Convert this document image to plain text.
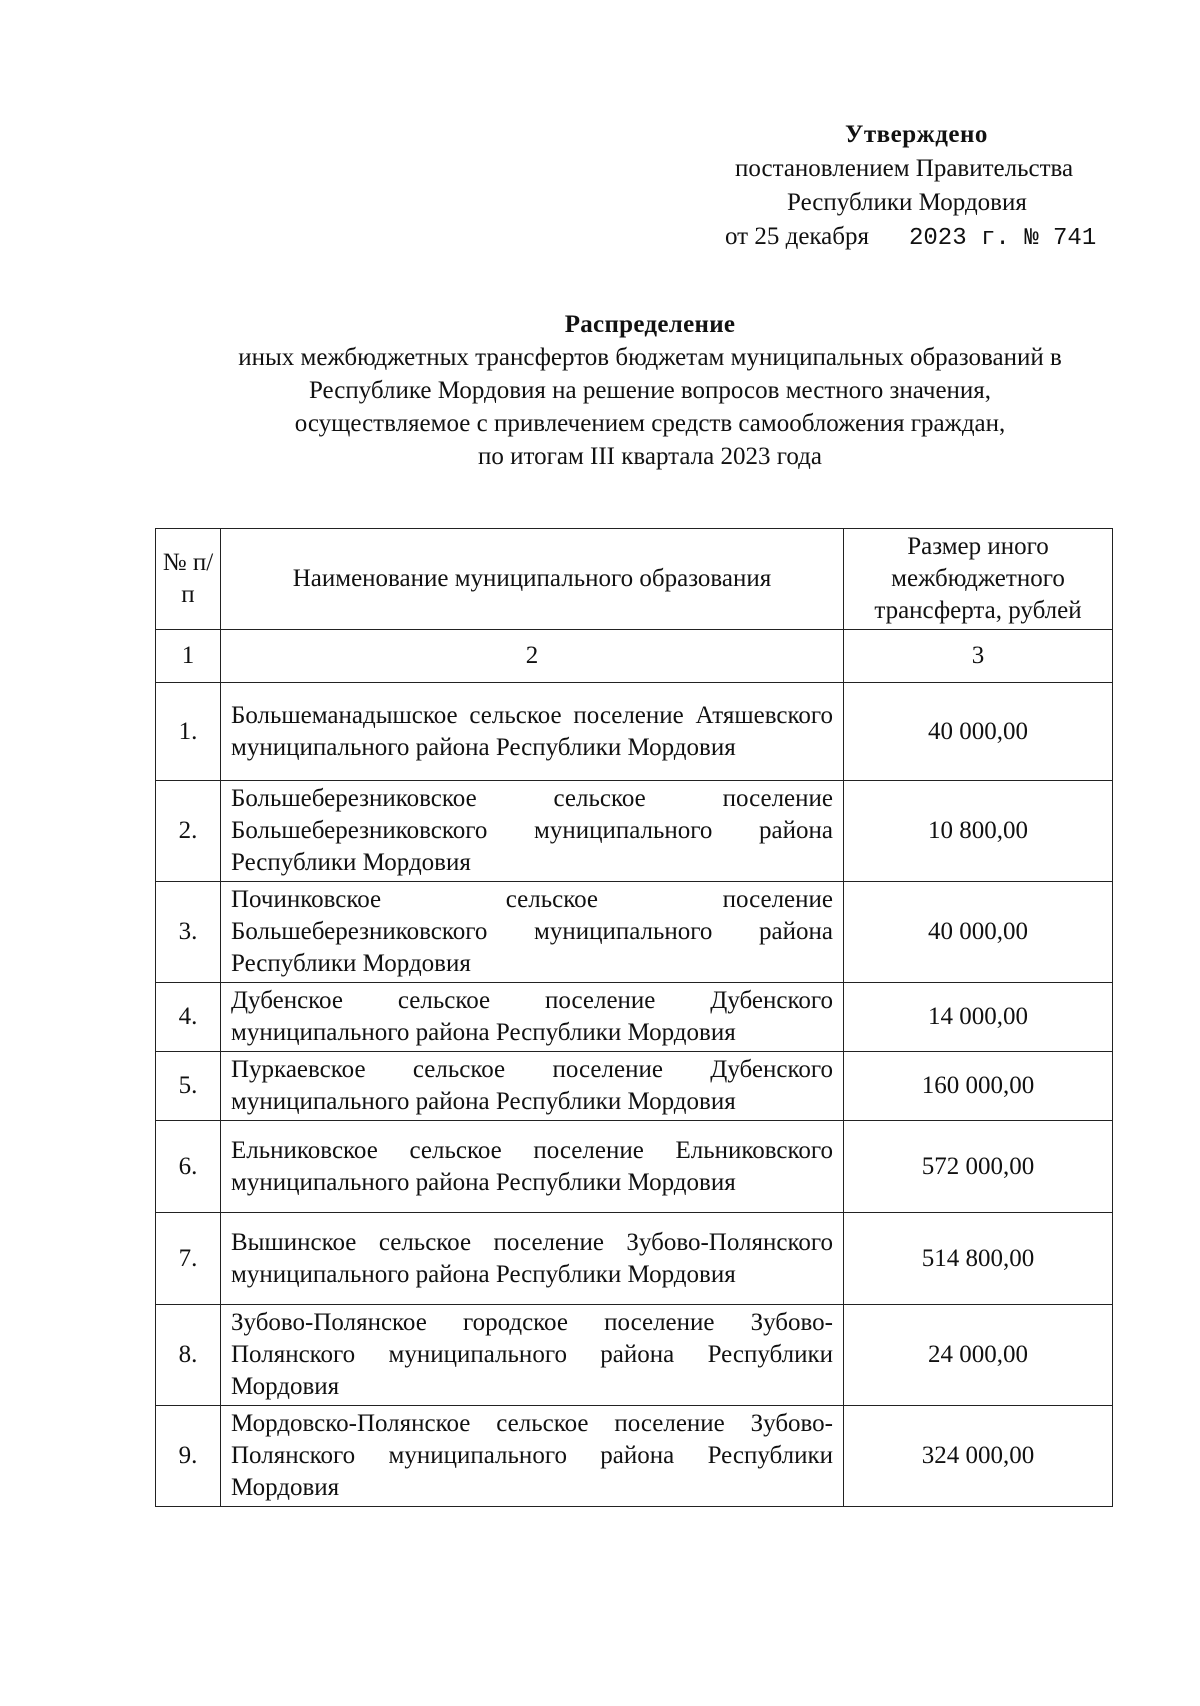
Утверждено
постановлением Правительства
Республики Мордовия
от 25 декабря 2023 г. № 741
Распределение
иных межбюджетных трансфертов бюджетам муниципальных образований в
Республике Мордовия на решение вопросов местного значения,
осуществляемое с привлечением средств самообложения граждан,
по итогам III квартала 2023 года
№ п/п	Наименование муниципального образования	Размер иного межбюджетного трансферта, рублей
1	2	3
1.	Большеманадышское сельское поселение Атяшевского муниципального района Республики Мордовия	40 000,00
2.	Большеберезниковское сельское поселение Большеберезниковского муниципального района Республики Мордовия	10 800,00
3.	Починковское сельское поселение Большеберезниковского муниципального района Республики Мордовия	40 000,00
4.	Дубенское сельское поселение Дубенского муниципального района Республики Мордовия	14 000,00
5.	Пуркаевское сельское поселение Дубенского муниципального района Республики Мордовия	160 000,00
6.	Ельниковское сельское поселение Ельниковского муниципального района Республики Мордовия	572 000,00
7.	Вышинское сельское поселение Зубово-Полянского муниципального района Республики Мордовия	514 800,00
8.	Зубово-Полянское городское поселение Зубово-Полянского муниципального района Республики Мордовия	24 000,00
9.	Мордовско-Полянское сельское поселение Зубово-Полянского муниципального района Республики Мордовия	324 000,00
